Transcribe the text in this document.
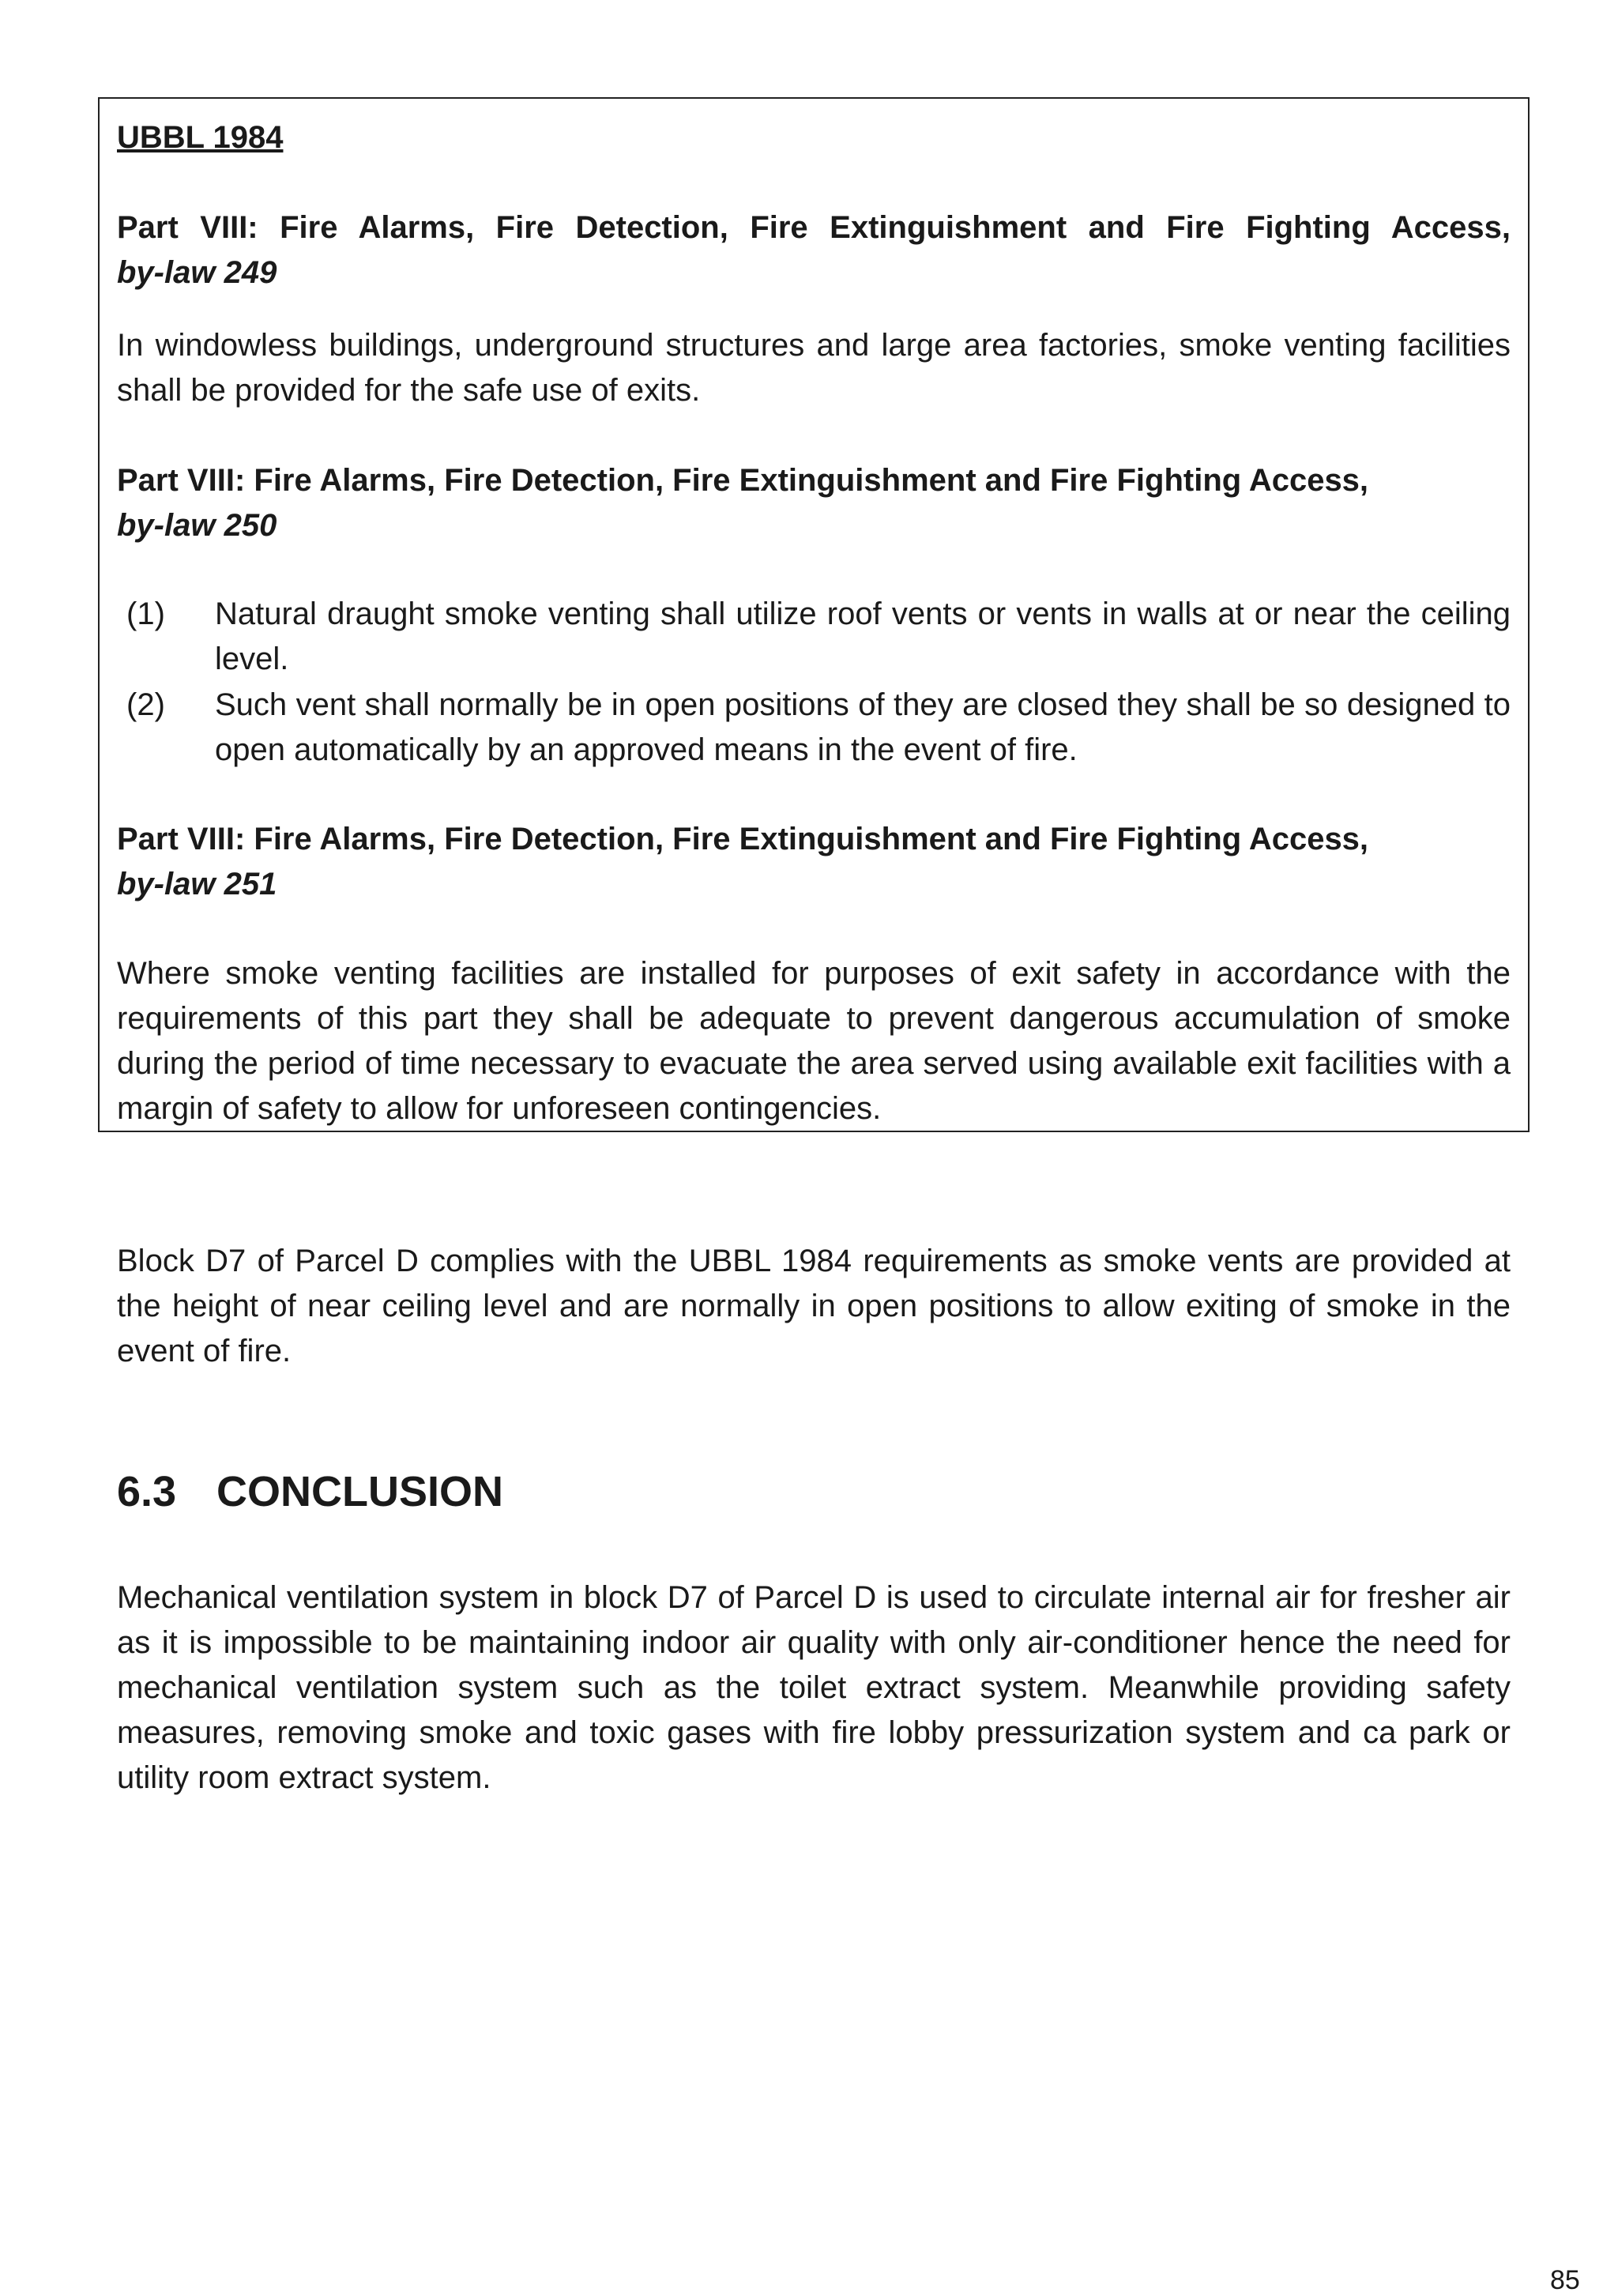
UBBL 1984

Part VIII: Fire Alarms, Fire Detection, Fire Extinguishment and Fire Fighting Access,

by-law 249

In windowless buildings, underground structures and large area factories, smoke venting facilities shall be provided for the safe use of exits.

Part VIII: Fire Alarms, Fire Detection, Fire Extinguishment and Fire Fighting Access,

by-law 250

(1) Natural draught smoke venting shall utilize roof vents or vents in walls at or near the ceiling level.

(2) Such vent shall normally be in open positions of they are closed they shall be so designed to open automatically by an approved means in the event of fire.

Part VIII: Fire Alarms, Fire Detection, Fire Extinguishment and Fire Fighting Access,

by-law 251

Where smoke venting facilities are installed for purposes of exit safety in accordance with the requirements of this part they shall be adequate to prevent dangerous accumulation of smoke during the period of time necessary to evacuate the area served using available exit facilities with a margin of safety to allow for unforeseen contingencies.

Block D7 of Parcel D complies with the UBBL 1984 requirements as smoke vents are provided at the height of near ceiling level and are normally in open positions to allow exiting of smoke in the event of fire.

6.3 CONCLUSION

Mechanical ventilation system in block D7 of Parcel D is used to circulate internal air for fresher air as it is impossible to be maintaining indoor air quality with only air-conditioner hence the need for mechanical ventilation system such as the toilet extract system. Meanwhile providing safety measures, removing smoke and toxic gases with fire lobby pressurization system and ca park or utility room extract system.

85
